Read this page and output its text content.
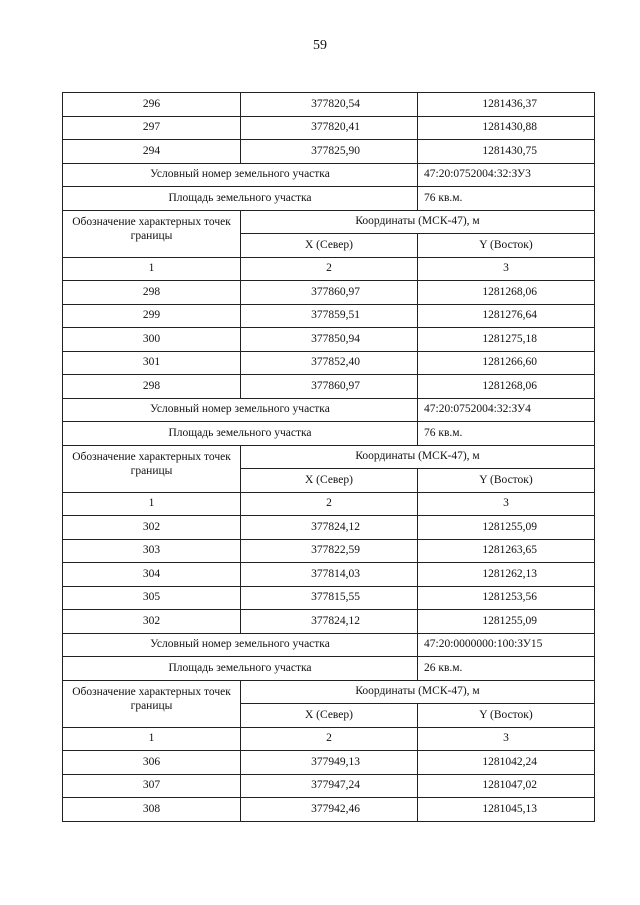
59
296	377820,54	1281436,37
297	377820,41	1281430,88
294	377825,90	1281430,75
Условный номер земельного участка		47:20:0752004:32:ЗУ3
Площадь земельного участка		76 кв.м.
Обозначение характерных точек границы	Координаты (МСК-47), м	
	X (Север)	Y (Восток)
1	2	3
298	377860,97	1281268,06
299	377859,51	1281276,64
300	377850,94	1281275,18
301	377852,40	1281266,60
298	377860,97	1281268,06
Условный номер земельного участка		47:20:0752004:32:ЗУ4
Площадь земельного участка		76 кв.м.
Обозначение характерных точек границы	Координаты (МСК-47), м	
	X (Север)	Y (Восток)
1	2	3
302	377824,12	1281255,09
303	377822,59	1281263,65
304	377814,03	1281262,13
305	377815,55	1281253,56
302	377824,12	1281255,09
Условный номер земельного участка		47:20:0000000:100:ЗУ15
Площадь земельного участка		26 кв.м.
Обозначение характерных точек границы	Координаты (МСК-47), м	
	X (Север)	Y (Восток)
1	2	3
306	377949,13	1281042,24
307	377947,24	1281047,02
308	377942,46	1281045,13
